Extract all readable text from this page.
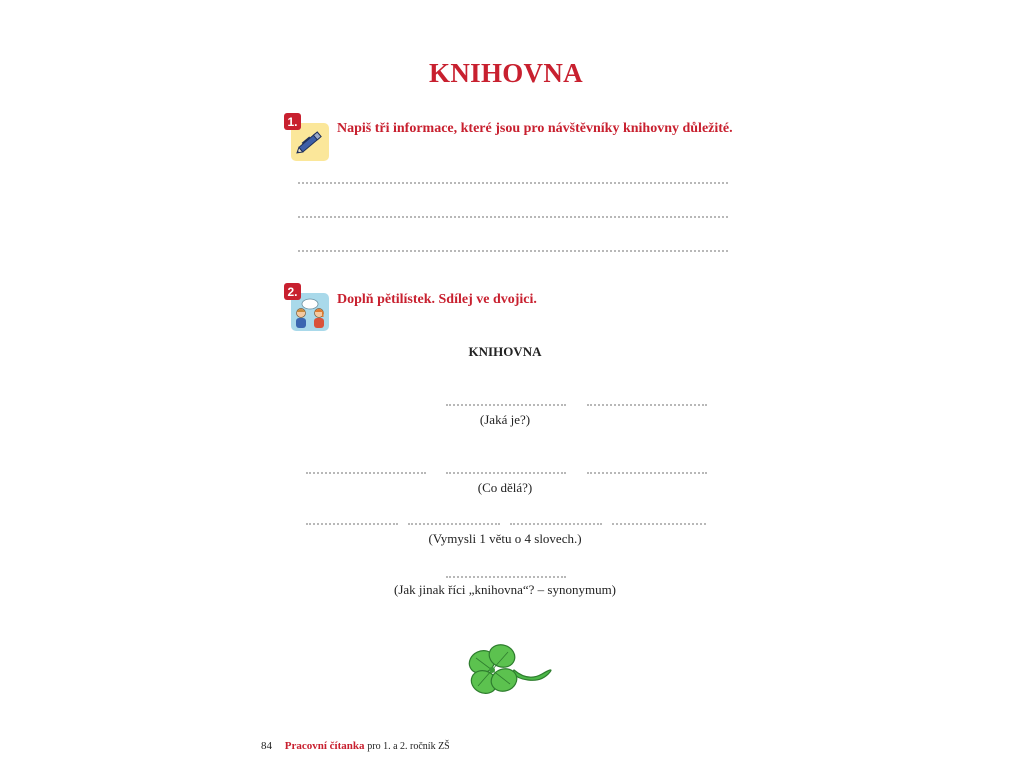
KNIHOVNA
1.	Napiš tři informace, které jsou pro návštěvníky knihovny důležité.
2.
Doplň pětilístek. Sdílej ve dvojici.
KNIHOVNA
(Jaká je?)
(Co dělá?)
(Vymysli 1 větu o 4 slovech.)
(Jak jinak říci „knihovna“? – synonymum)
84 Pracovní čítanka pro 1. a 2. ročník ZŠ
